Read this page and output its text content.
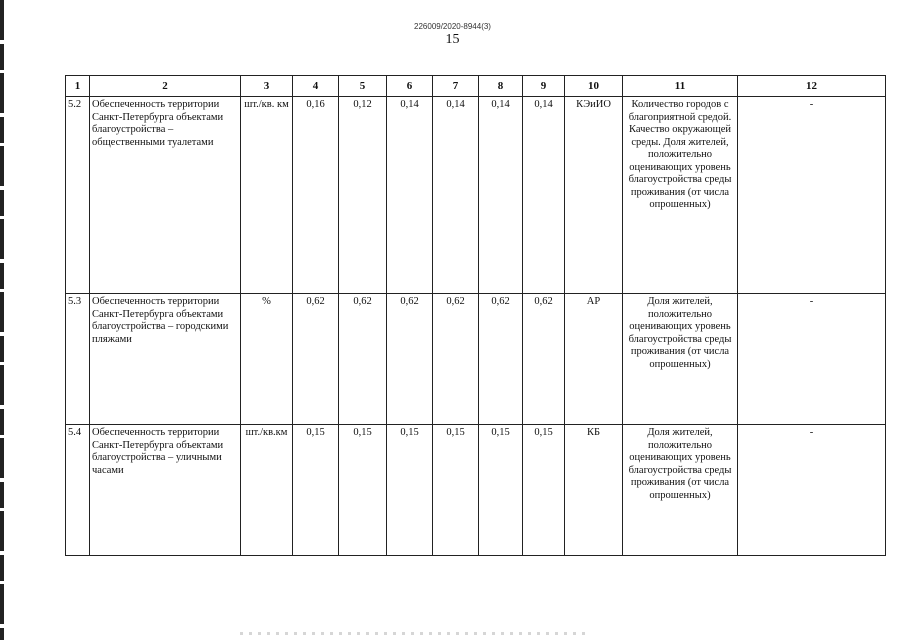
226009/2020-8944(3)
15
1	2	3	4	5	6	7	8	9	10	11	12
5.2	Обеспеченность территории Санкт-Петербурга объектами благоустройства – общественными туалетами	шт./кв. км	0,16	0,12	0,14	0,14	0,14	0,14	КЭиИО	Количество городов с благоприятной средой. Качество окружающей среды. Доля жителей, положительно оценивающих уровень благоустройства среды проживания (от числа опрошенных)	-
5.3	Обеспеченность территории Санкт-Петербурга объектами благоустройства – городскими пляжами	%	0,62	0,62	0,62	0,62	0,62	0,62	АР	Доля жителей, положительно оценивающих уровень благоустройства среды проживания (от числа опрошенных)	-
5.4	Обеспеченность территории Санкт-Петербурга объектами благоустройства – уличными часами	шт./кв.км	0,15	0,15	0,15	0,15	0,15	0,15	КБ	Доля жителей, положительно оценивающих уровень благоустройства среды проживания (от числа опрошенных)	-
